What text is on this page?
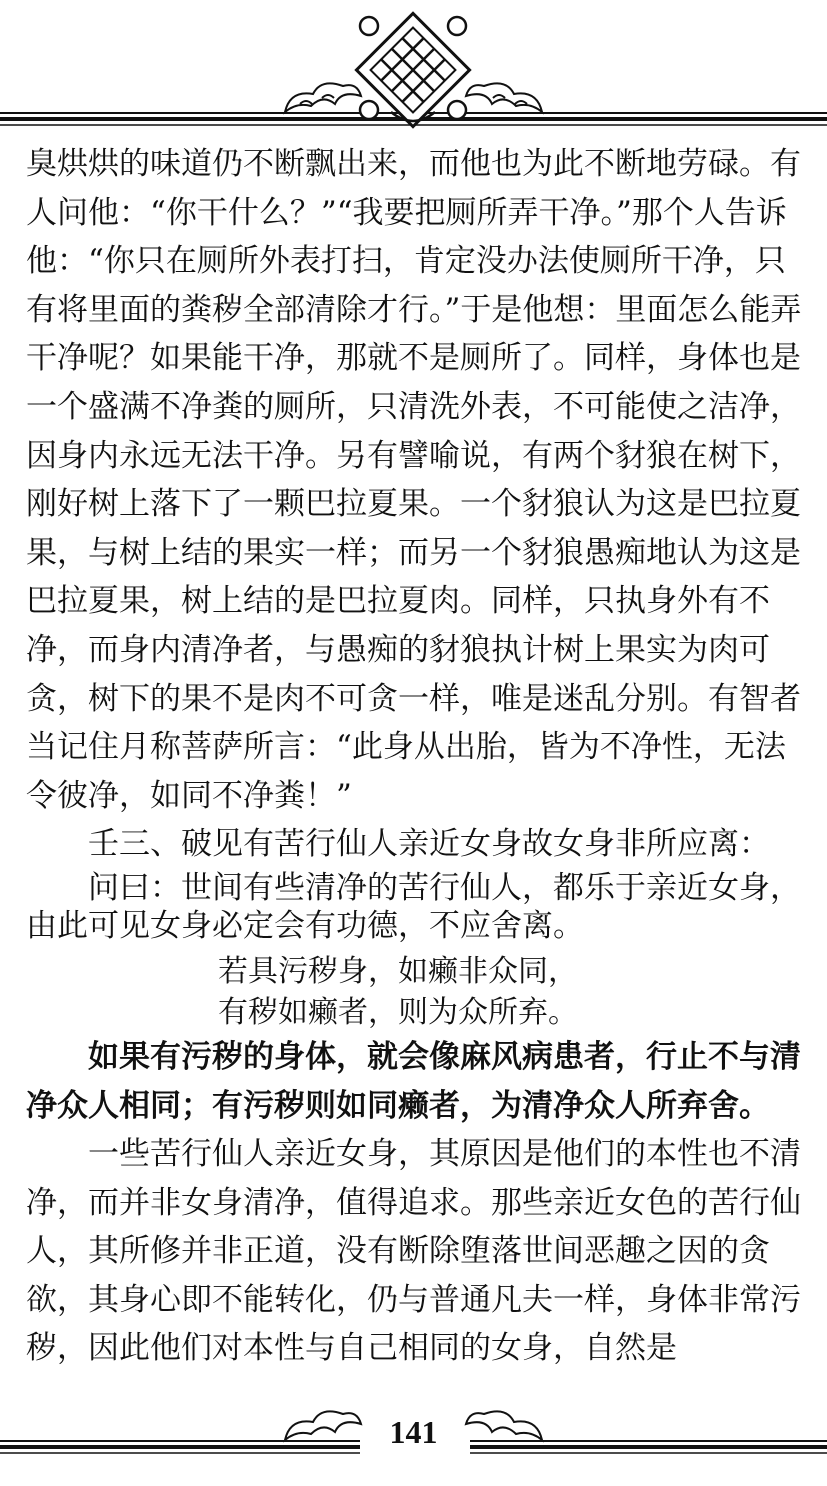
臭烘烘的味道仍不断飘出来，而他也为此不断地劳碌。有人问他：“你干什么？”“我要把厕所弄干净。”那个人告诉他：“你只在厕所外表打扫，肯定没办法使厕所干净，只有将里面的粪秽全部清除才行。”于是他想：里面怎么能弄干净呢？如果能干净，那就不是厕所了。同样，身体也是一个盛满不净粪的厕所，只清洗外表，不可能使之洁净，因身内永远无法干净。另有譬喻说，有两个豺狼在树下，刚好树上落下了一颗巴拉夏果。一个豺狼认为这是巴拉夏果，与树上结的果实一样；而另一个豺狼愚痴地认为这是巴拉夏果，树上结的是巴拉夏肉。同样，只执身外有不净，而身内清净者，与愚痴的豺狼执计树上果实为肉可贪，树下的果不是肉不可贪一样，唯是迷乱分别。有智者当记住月称菩萨所言：“此身从出胎，皆为不净性，无法令彼净，如同不净粪！”

壬三、破见有苦行仙人亲近女身故女身非所应离：

问曰：世间有些清净的苦行仙人，都乐于亲近女身，由此可见女身必定会有功德，不应舍离。

若具污秽身，如癞非众同，

有秽如癞者，则为众所弃。

如果有污秽的身体，就会像麻风病患者，行止不与清净众人相同；有污秽则如同癞者，为清净众人所弃舍。

一些苦行仙人亲近女身，其原因是他们的本性也不清净，而并非女身清净，值得追求。那些亲近女色的苦行仙人，其所修并非正道，没有断除堕落世间恶趣之因的贪欲，其身心即不能转化，仍与普通凡夫一样，身体非常污秽，因此他们对本性与自己相同的女身，自然是

141
